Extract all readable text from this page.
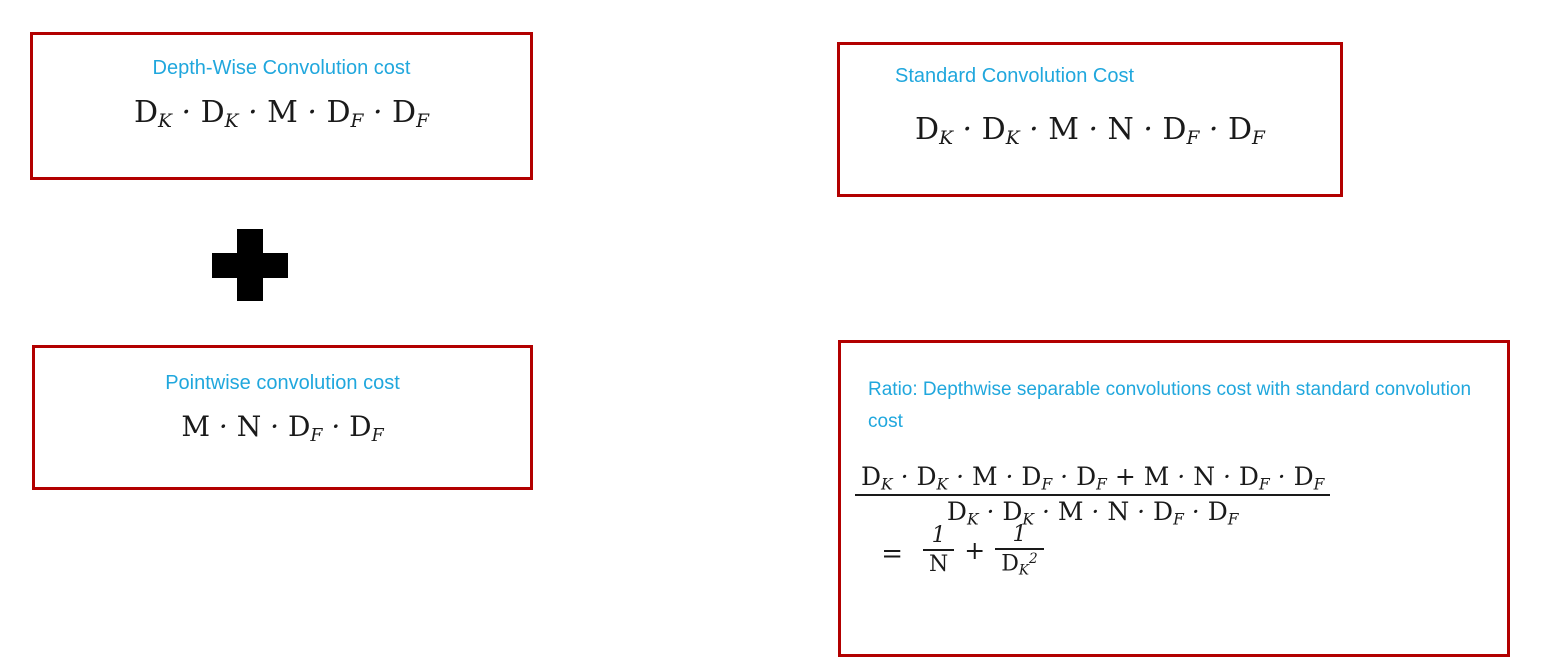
Depth-Wise Convolution cost
$D_K \cdot D_K \cdot M \cdot D_F \cdot D_F$
Pointwise convolution cost
$M \cdot N \cdot D_F \cdot D_F$
Standard Convolution Cost
$D_K \cdot D_K \cdot M \cdot N \cdot D_F \cdot D_F$
Ratio: Depthwise separable convolutions cost with standard convolution cost
$\frac{D_K \cdot D_K \cdot M \cdot D_F \cdot D_F + M \cdot N \cdot D_F \cdot D_F}{D_K \cdot D_K \cdot M \cdot N \cdot D_F \cdot D_F}$
= $\frac{1}{N} + \frac{1}{D_K^2}$
